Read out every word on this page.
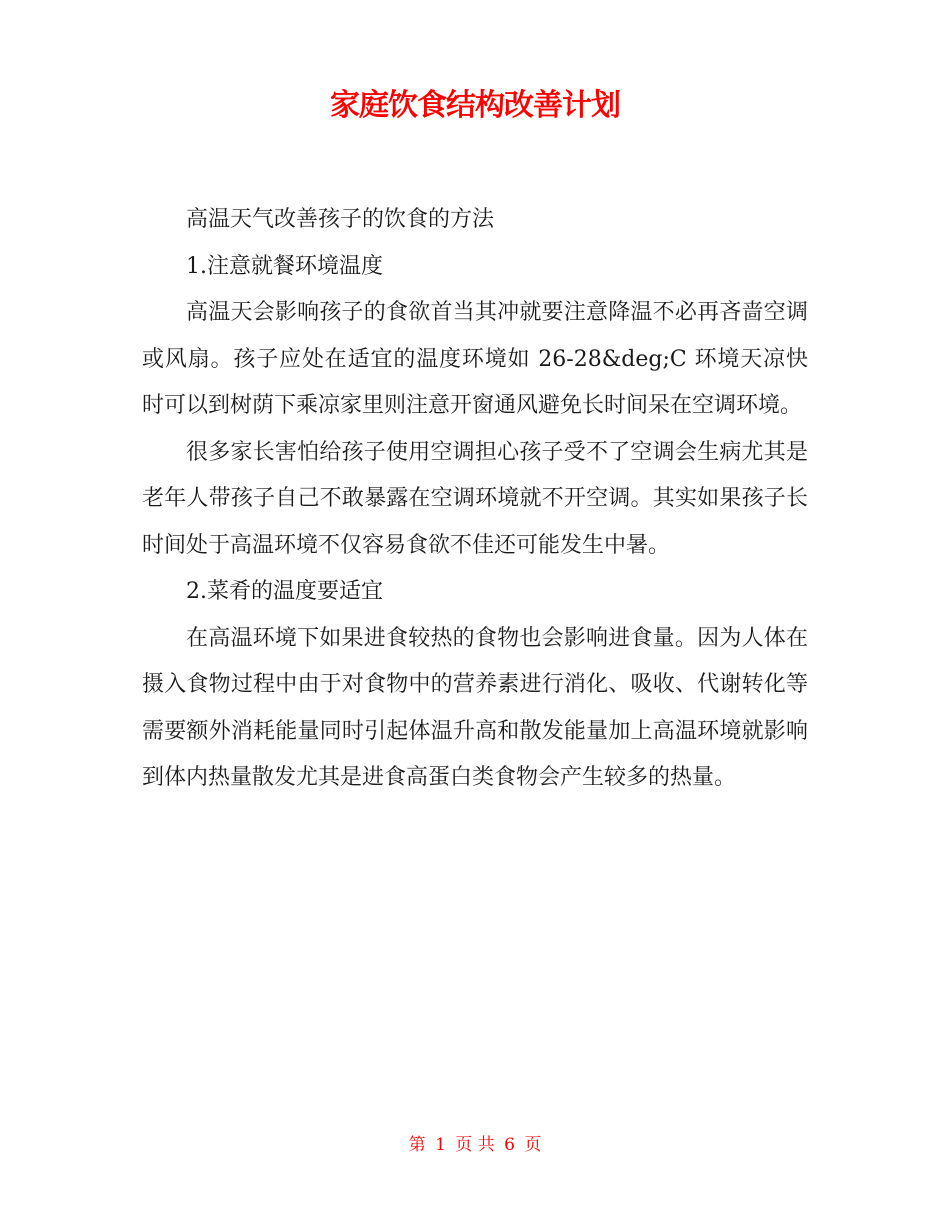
家庭饮食结构改善计划

高温天气改善孩子的饮食的方法

1.注意就餐环境温度

高温天会影响孩子的食欲首当其冲就要注意降温不必再吝啬空调或风扇。孩子应处在适宜的温度环境如 26-28&deg;C 环境天凉快时可以到树荫下乘凉家里则注意开窗通风避免长时间呆在空调环境。

很多家长害怕给孩子使用空调担心孩子受不了空调会生病尤其是老年人带孩子自己不敢暴露在空调环境就不开空调。其实如果孩子长时间处于高温环境不仅容易食欲不佳还可能发生中暑。

2.菜肴的温度要适宜

在高温环境下如果进食较热的食物也会影响进食量。因为人体在摄入食物过程中由于对食物中的营养素进行消化、吸收、代谢转化等需要额外消耗能量同时引起体温升高和散发能量加上高温环境就影响到体内热量散发尤其是进食高蛋白类食物会产生较多的热量。

第 1 页 共 6 页
